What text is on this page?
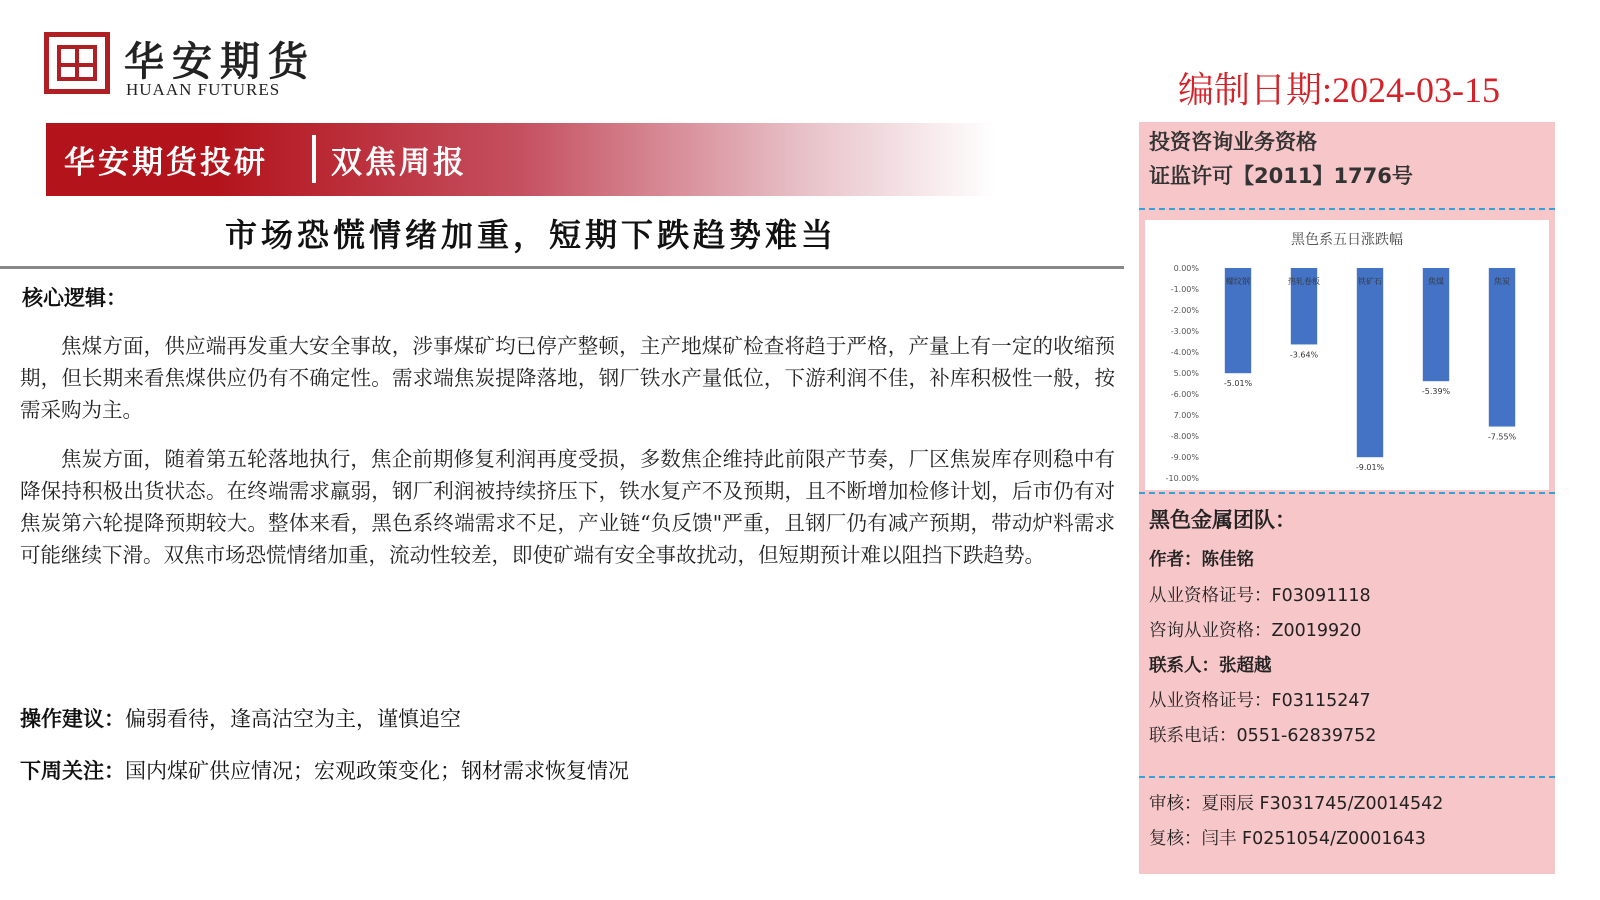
华安期货
HUAAN FUTURES	编制日期:2024-03-15
华安期货投研 双焦周报
市场恐慌情绪加重，短期下跌趋势难当
核心逻辑：

焦煤方面，供应端再发重大安全事故，涉事煤矿均已停产整顿，主产地煤矿检查将趋于严格，产量上有一定的收缩预期，但长期来看焦煤供应仍有不确定性。需求端焦炭提降落地，钢厂铁水产量低位，下游利润不佳，补库积极性一般，按需采购为主。

焦炭方面，随着第五轮落地执行，焦企前期修复利润再度受损，多数焦企维持此前限产节奏，厂区焦炭库存则稳中有降保持积极出货状态。在终端需求羸弱，钢厂利润被持续挤压下，铁水复产不及预期，且不断增加检修计划，后市仍有对焦炭第六轮提降预期较大。整体来看，黑色系终端需求不足，产业链“负反馈"严重，且钢厂仍有减产预期，带动炉料需求可能继续下滑。双焦市场恐慌情绪加重，流动性较差，即使矿端有安全事故扰动，但短期预计难以阻挡下跌趋势。

操作建议：偏弱看待，逢高沽空为主，谨慎追空
下周关注：国内煤矿供应情况；宏观政策变化；钢材需求恢复情况
投资咨询业务资格
证监许可【2011】1776号
黑色系五日涨跌幅
0.00%
-1.00%
-2.00%
-3.00%
-4.00%
5.00%
-6.00%
7.00%
-8.00%
-9.00%
-10.00%
螺纹钢
-5.01%
热轧卷板
-3.64%
铁矿石
-9.01%
焦煤
-5.39%
焦炭
-7.55%
黑色金属团队：
作者：陈佳铭
从业资格证号：F03091118
咨询从业资格：Z0019920
联系人：张超越
从业资格证号：F03115247
联系电话：0551-62839752
审核：夏雨辰 F3031745/Z0014542
复核：闫丰 F0251054/Z0001643
